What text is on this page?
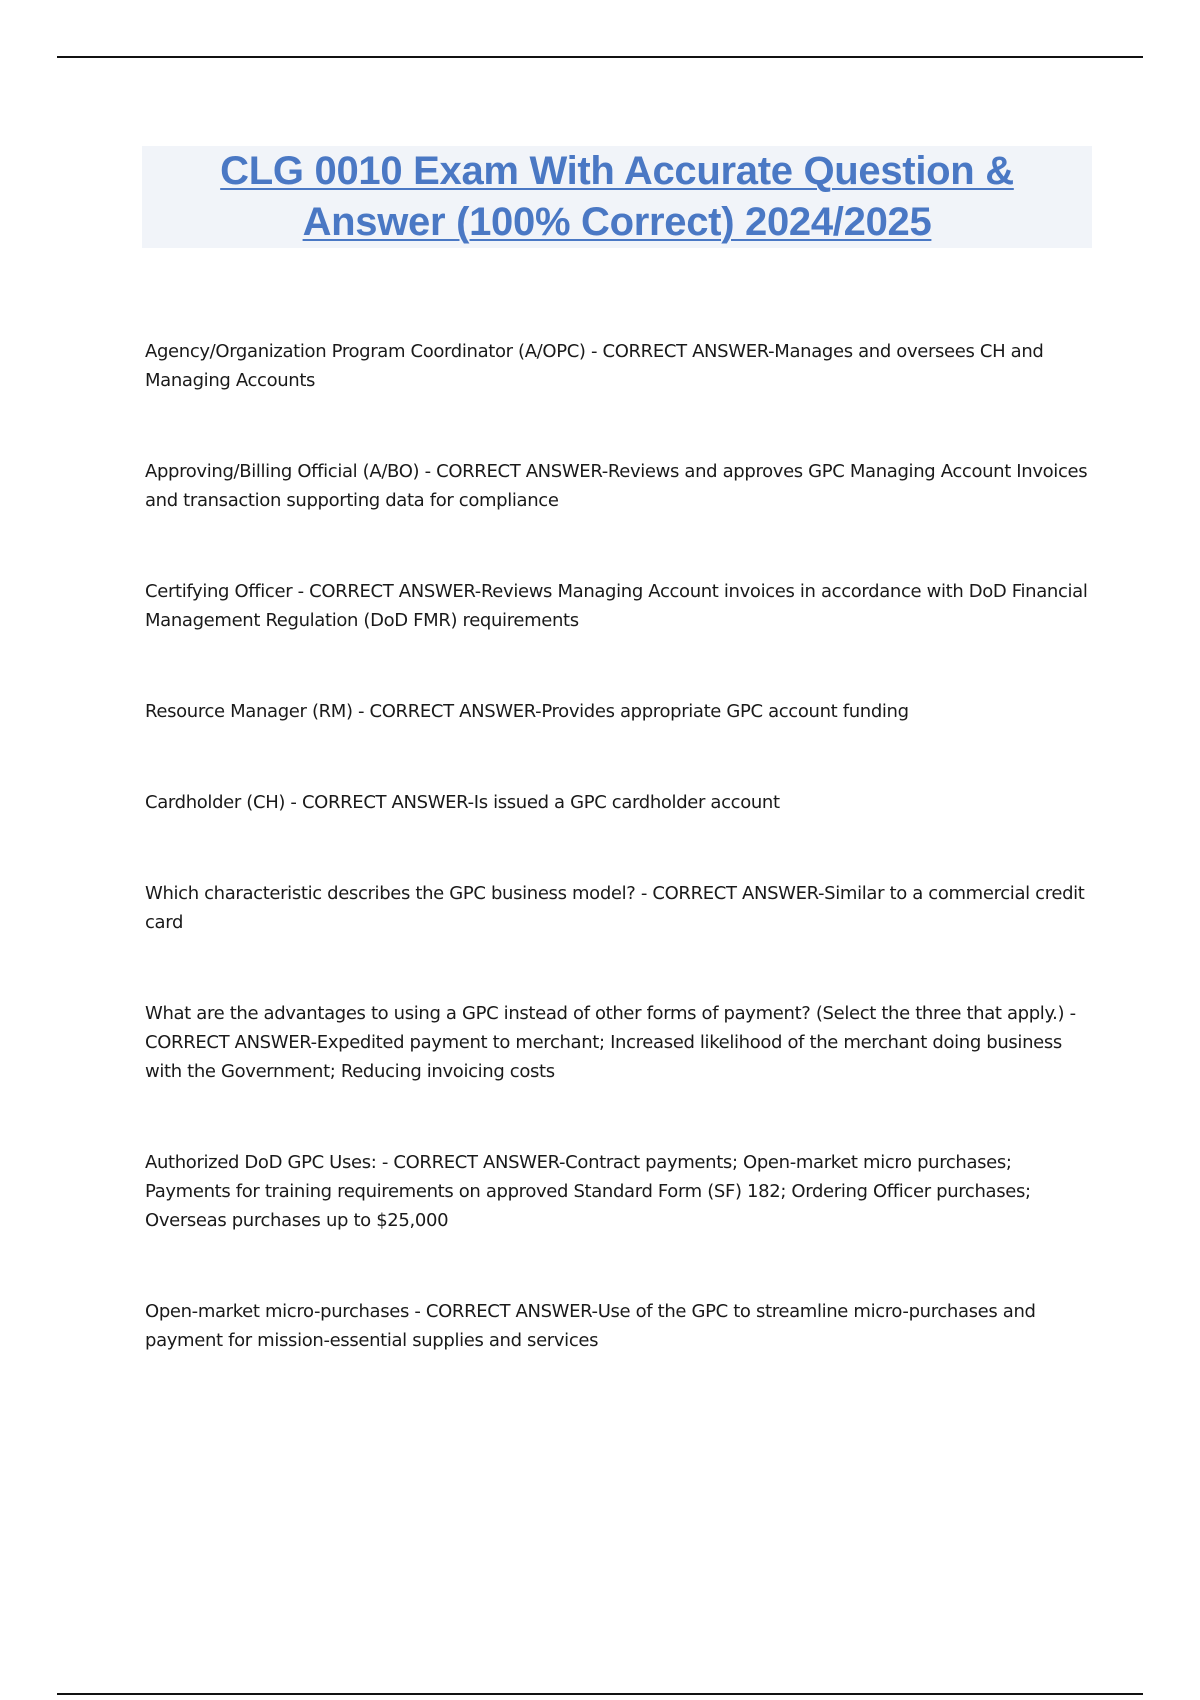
CLG 0010 Exam With Accurate Question &
Answer (100% Correct) 2024/2025

Agency/Organization Program Coordinator (A/OPC) - CORRECT ANSWER-Manages and oversees CH and Managing Accounts

Approving/Billing Official (A/BO) - CORRECT ANSWER-Reviews and approves GPC Managing Account Invoices and transaction supporting data for compliance

Certifying Officer - CORRECT ANSWER-Reviews Managing Account invoices in accordance with DoD Financial Management Regulation (DoD FMR) requirements

Resource Manager (RM) - CORRECT ANSWER-Provides appropriate GPC account funding

Cardholder (CH) - CORRECT ANSWER-Is issued a GPC cardholder account

Which characteristic describes the GPC business model? - CORRECT ANSWER-Similar to a commercial credit card

What are the advantages to using a GPC instead of other forms of payment? (Select the three that apply.) - CORRECT ANSWER-Expedited payment to merchant; Increased likelihood of the merchant doing business with the Government; Reducing invoicing costs

Authorized DoD GPC Uses: - CORRECT ANSWER-Contract payments; Open-market micro purchases; Payments for training requirements on approved Standard Form (SF) 182; Ordering Officer purchases; Overseas purchases up to $25,000

Open-market micro-purchases - CORRECT ANSWER-Use of the GPC to streamline micro-purchases and payment for mission-essential supplies and services
